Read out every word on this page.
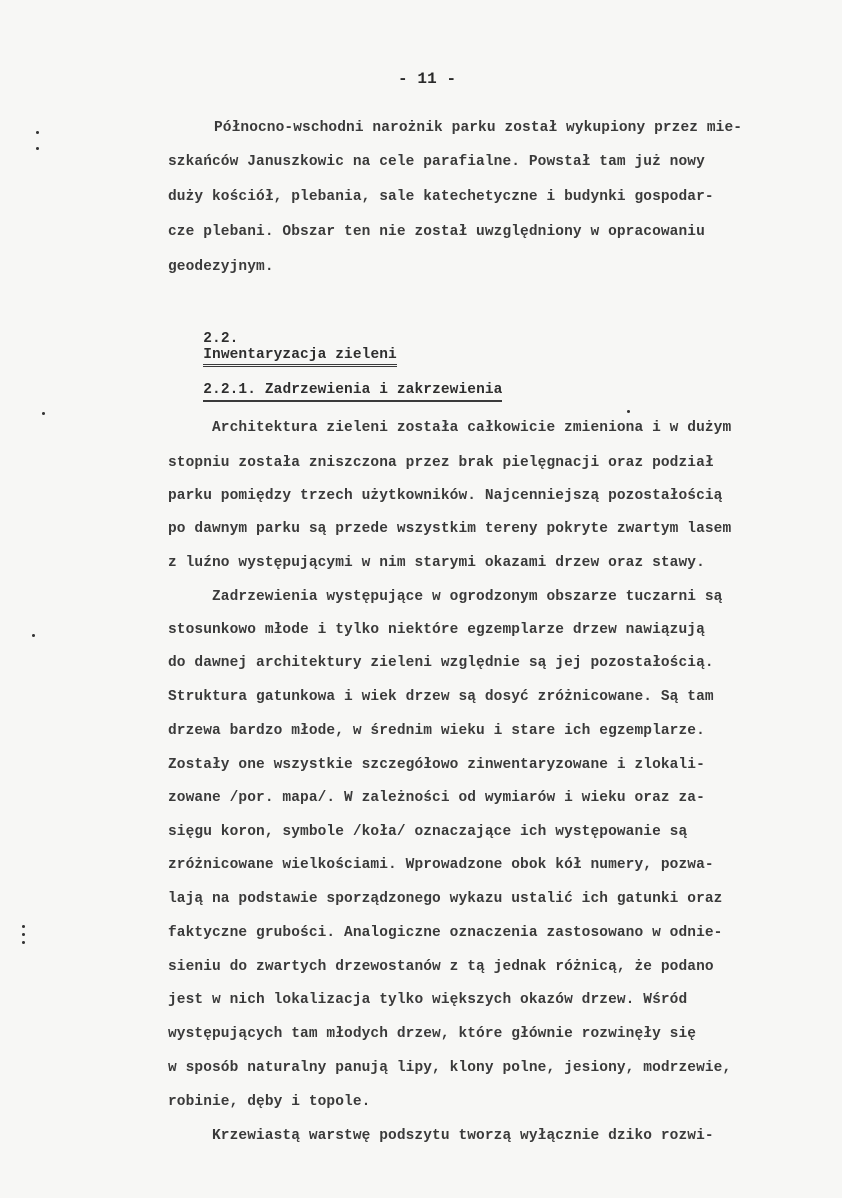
- 11 -
Północno-wschodni narożnik parku został wykupiony przez mie-
szkańców Januszkowic na cele parafialne. Powstał tam już nowy
duży kościół, plebania, sale katechetyczne i budynki gospodar-
cze plebani. Obszar ten nie został uwzględniony w opracowaniu
geodezyjnym.

2.2.
Inwentaryzacja zieleni

2.2.1. Zadrzewienia i zakrzewienia

Architektura zieleni została całkowicie zmieniona i w dużym
stopniu została zniszczona przez brak pielęgnacji oraz podział
parku pomiędzy trzech użytkowników. Najcenniejszą pozostałością
po dawnym parku są przede wszystkim tereny pokryte zwartym lasem
z luźno występującymi w nim starymi okazami drzew oraz stawy.
Zadrzewienia występujące w ogrodzonym obszarze tuczarni są
stosunkowo młode i tylko niektóre egzemplarze drzew nawiązują
do dawnej architektury zieleni względnie są jej pozostałością.
Struktura gatunkowa i wiek drzew są dosyć zróżnicowane. Są tam
drzewa bardzo młode, w średnim wieku i stare ich egzemplarze.
Zostały one wszystkie szczegółowo zinwentaryzowane i zlokali-
zowane /por. mapa/. W zależności od wymiarów i wieku oraz za-
sięgu koron, symbole /koła/ oznaczające ich występowanie są
zróżnicowane wielkościami. Wprowadzone obok kół numery, pozwa-
lają na podstawie sporządzonego wykazu ustalić ich gatunki oraz
faktyczne grubości. Analogiczne oznaczenia zastosowano w odnie-
sieniu do zwartych drzewostanów z tą jednak różnicą, że podano
jest w nich lokalizacja tylko większych okazów drzew. Wśród
występujących tam młodych drzew, które głównie rozwinęły się
w sposób naturalny panują lipy, klony polne, jesiony, modrzewie,
robinie, dęby i topole.
Krzewiastą warstwę podszytu tworzą wyłącznie dziko rozwi-
